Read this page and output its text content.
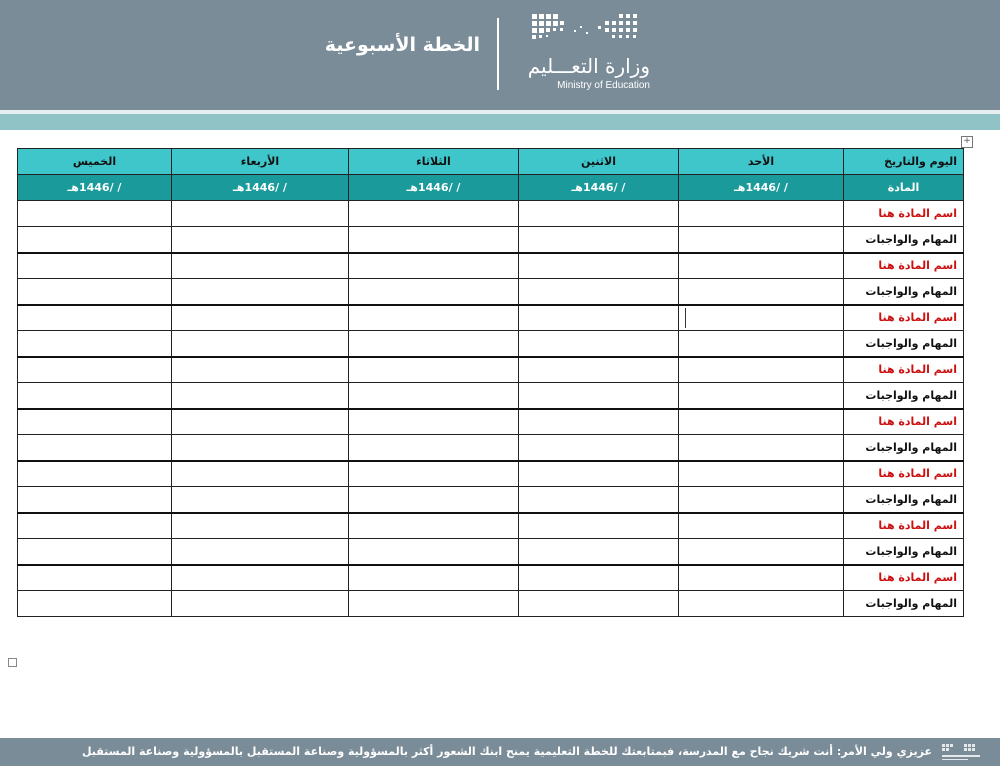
الخطة الأسبوعية
وزارة التعـــليم
Ministry of Education
+
اليوم والتاريخ	الأحد	الاثنين	الثلاثاء	الأربعاء	الخميس
المادة	/ /1446هـ	/ /1446هـ	/ /1446هـ	/ /1446هـ	/ /1446هـ
اسم المادة هنا					
المهام والواجبات					
اسم المادة هنا					
المهام والواجبات					
اسم المادة هنا					
المهام والواجبات					
اسم المادة هنا					
المهام والواجبات					
اسم المادة هنا					
المهام والواجبات					
اسم المادة هنا					
المهام والواجبات					
اسم المادة هنا					
المهام والواجبات					
اسم المادة هنا					
المهام والواجبات					
عزيزي ولي الأمر: أنت شريك نجاح مع المدرسة، فبمتابعتك للخطة التعليمية يمنح ابنك الشعور أكثر بالمسؤولية وصناعة المستقبل بالمسؤولية وصناعة المستقبل
